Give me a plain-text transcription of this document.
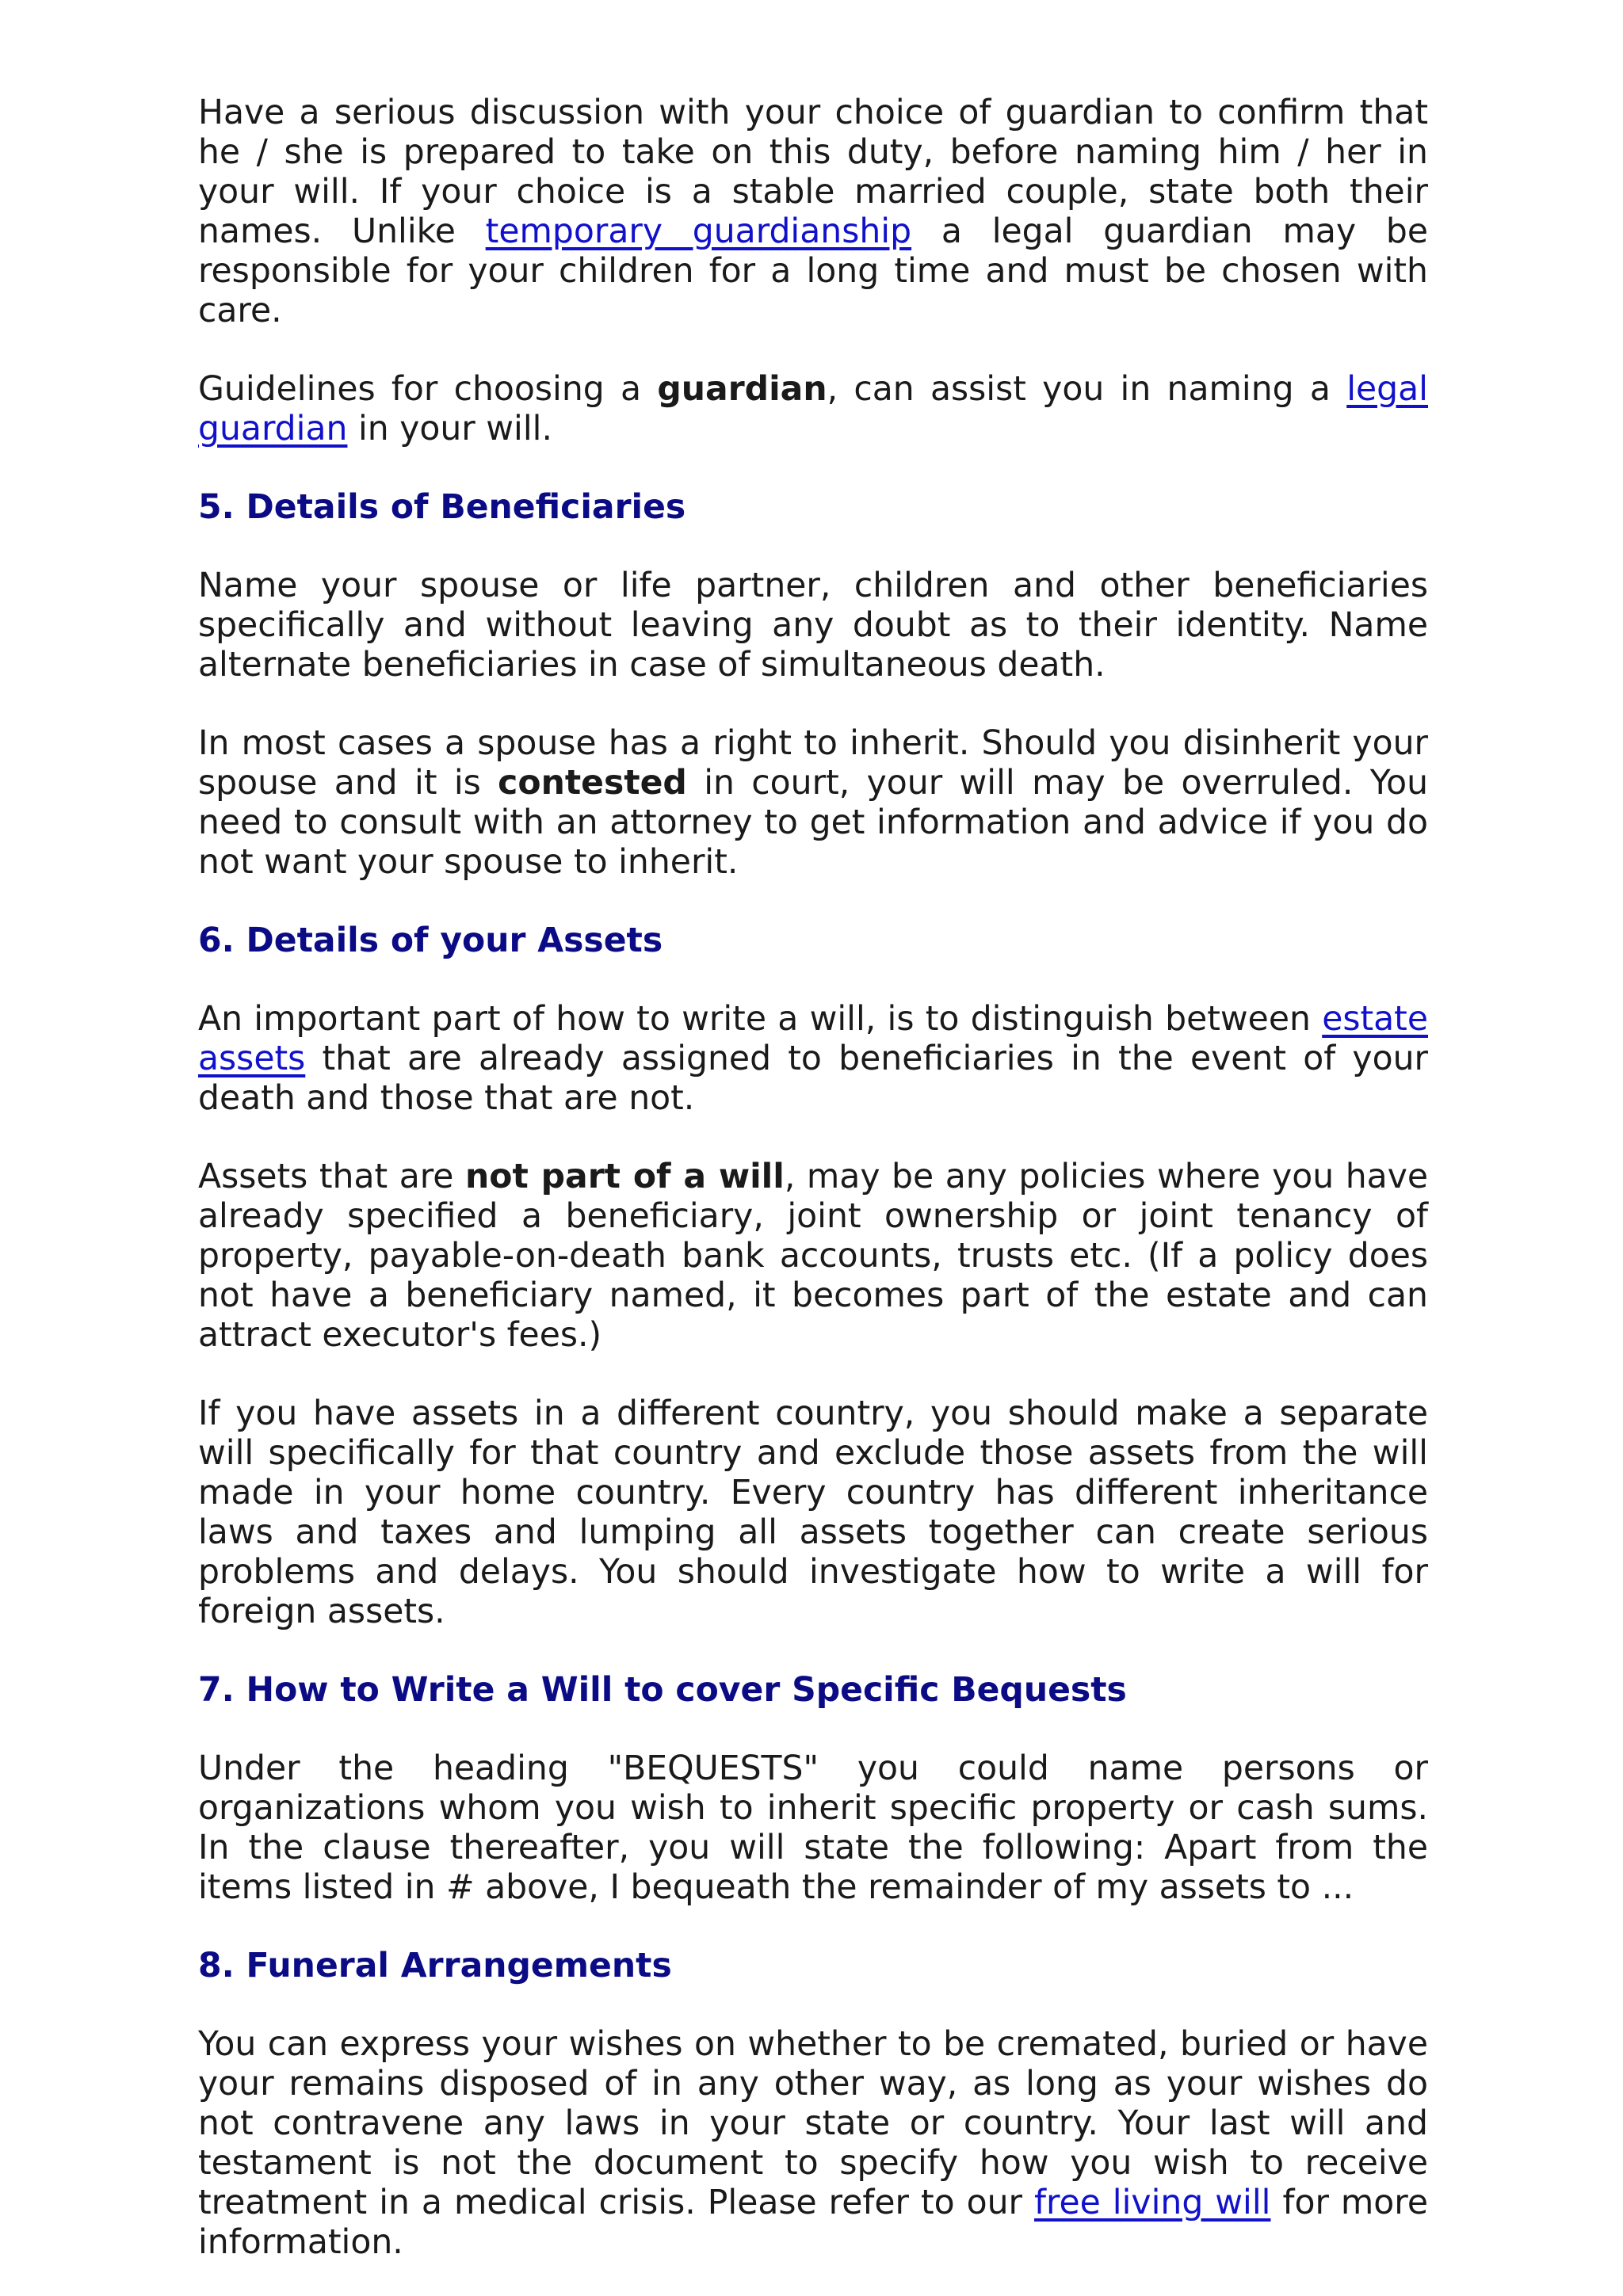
Have a serious discussion with your choice of guardian to confirm that he / she is prepared to take on this duty, before naming him / her in your will. If your choice is a stable married couple, state both their names. Unlike temporary guardianship a legal guardian may be responsible for your children for a long time and must be chosen with care.

Guidelines for choosing a guardian, can assist you in naming a legal guardian in your will.

5. Details of Beneficiaries

Name your spouse or life partner, children and other beneficiaries specifically and without leaving any doubt as to their identity. Name alternate beneficiaries in case of simultaneous death.

In most cases a spouse has a right to inherit. Should you disinherit your spouse and it is contested in court, your will may be overruled. You need to consult with an attorney to get information and advice if you do not want your spouse to inherit.

6. Details of your Assets

An important part of how to write a will, is to distinguish between estate assets that are already assigned to beneficiaries in the event of your death and those that are not.

Assets that are not part of a will, may be any policies where you have already specified a beneficiary, joint ownership or joint tenancy of property, payable-on-death bank accounts, trusts etc. (If a policy does not have a beneficiary named, it becomes part of the estate and can attract executor's fees.)

If you have assets in a different country, you should make a separate will specifically for that country and exclude those assets from the will made in your home country. Every country has different inheritance laws and taxes and lumping all assets together can create serious problems and delays. You should investigate how to write a will for foreign assets.

7. How to Write a Will to cover Specific Bequests

Under the heading "BEQUESTS" you could name persons or organizations whom you wish to inherit specific property or cash sums. In the clause thereafter, you will state the following: Apart from the items listed in # above, I bequeath the remainder of my assets to ...

8. Funeral Arrangements

You can express your wishes on whether to be cremated, buried or have your remains disposed of in any other way, as long as your wishes do not contravene any laws in your state or country. Your last will and testament is not the document to specify how you wish to receive treatment in a medical crisis. Please refer to our free living will for more information.
